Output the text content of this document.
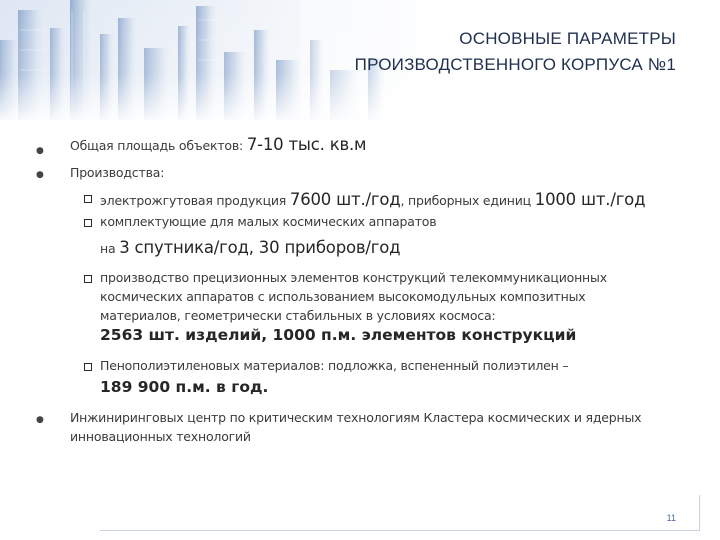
ОСНОВНЫЕ ПАРАМЕТРЫ
ПРОИЗВОДСТВЕННОГО КОРПУСА №1
● Общая площадь объектов: 7-10 тыс. кв.м
● Производства:
электрожгутовая продукция 7600 шт./год, приборных единиц 1000 шт./год
комплектующие для малых космических аппаратов
на 3 спутника/год, 30 приборов/год
производство прецизионных элементов конструкций телекоммуникационных
космических аппаратов с использованием высокомодульных композитных
материалов, геометрически стабильных в условиях космоса:
2563 шт. изделий, 1000 п.м. элементов конструкций
Пенополиэтиленовых материалов: подложка, вспененный полиэтилен –
189 900 п.м. в год.
● Инжиниринговых центр по критическим технологиям Кластера космических и ядерных
инновационных технологий
11
